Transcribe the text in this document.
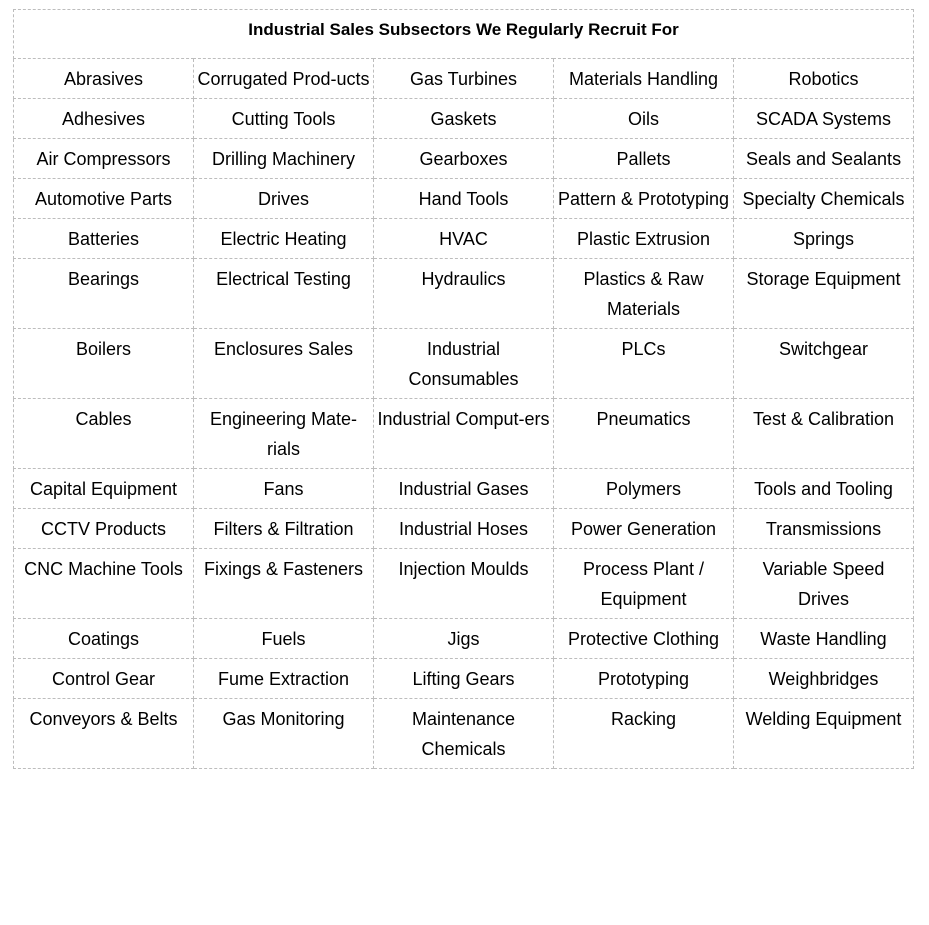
Industrial Sales Subsectors We Regularly Recruit For				
Abrasives	Corrugated Prod-ucts	Gas Turbines	Materials Handling	Robotics
Adhesives	Cutting Tools	Gaskets	Oils	SCADA Systems
Air Compressors	Drilling Machinery	Gearboxes	Pallets	Seals and Sealants
Automotive Parts	Drives	Hand Tools	Pattern & Prototyping	Specialty Chemicals
Batteries	Electric Heating	HVAC	Plastic Extrusion	Springs
Bearings	Electrical Testing	Hydraulics	Plastics & Raw Materials	Storage Equipment
Boilers	Enclosures Sales	Industrial Consumables	PLCs	Switchgear
Cables	Engineering Mate-rials	Industrial Comput-ers	Pneumatics	Test & Calibration
Capital Equipment	Fans	Industrial Gases	Polymers	Tools and Tooling
CCTV Products	Filters & Filtration	Industrial Hoses	Power Generation	Transmissions
CNC Machine Tools	Fixings & Fasteners	Injection Moulds	Process Plant / Equipment	Variable Speed Drives
Coatings	Fuels	Jigs	Protective Clothing	Waste Handling
Control Gear	Fume Extraction	Lifting Gears	Prototyping	Weighbridges
Conveyors & Belts	Gas Monitoring	Maintenance Chemicals	Racking	Welding Equipment
